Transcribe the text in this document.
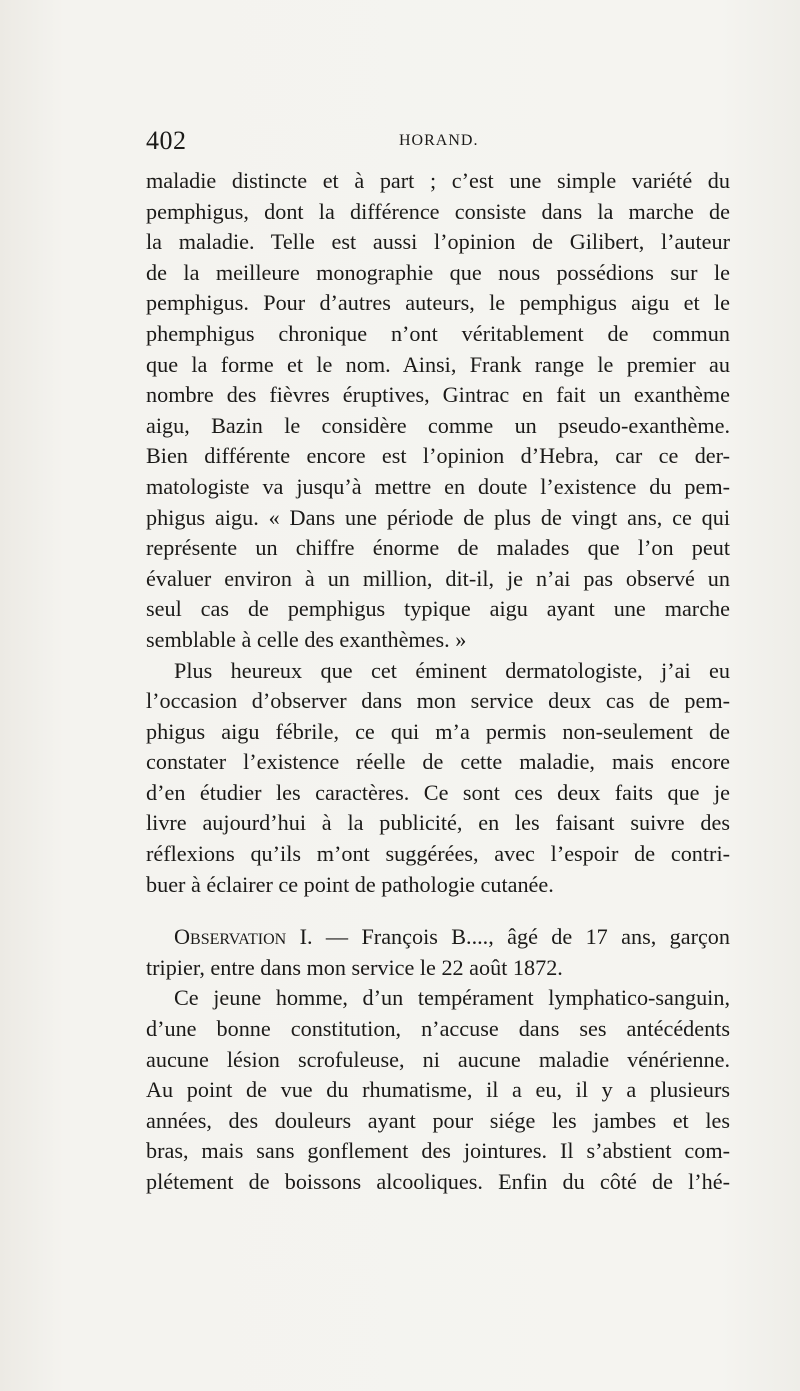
402	HORAND.
maladie distincte et à part ; c’est une simple variété du
pemphigus, dont la différence consiste dans la marche de
la maladie. Telle est aussi l’opinion de Gilibert, l’auteur
de la meilleure monographie que nous possédions sur le
pemphigus. Pour d’autres auteurs, le pemphigus aigu et le
phemphigus chronique n’ont véritablement de commun
que la forme et le nom. Ainsi, Frank range le premier au
nombre des fièvres éruptives, Gintrac en fait un exanthème
aigu, Bazin le considère comme un pseudo-exanthème.
Bien différente encore est l’opinion d’Hebra, car ce der-
matologiste va jusqu’à mettre en doute l’existence du pem-
phigus aigu. « Dans une période de plus de vingt ans, ce qui
représente un chiffre énorme de malades que l’on peut
évaluer environ à un million, dit-il, je n’ai pas observé un
seul cas de pemphigus typique aigu ayant une marche
semblable à celle des exanthèmes. »
Plus heureux que cet éminent dermatologiste, j’ai eu
l’occasion d’observer dans mon service deux cas de pem-
phigus aigu fébrile, ce qui m’a permis non-seulement de
constater l’existence réelle de cette maladie, mais encore
d’en étudier les caractères. Ce sont ces deux faits que je
livre aujourd’hui à la publicité, en les faisant suivre des
réflexions qu’ils m’ont suggérées, avec l’espoir de contri-
buer à éclairer ce point de pathologie cutanée.
Observation I. — François B...., âgé de 17 ans, garçon
tripier, entre dans mon service le 22 août 1872.
Ce jeune homme, d’un tempérament lymphatico-sanguin,
d’une bonne constitution, n’accuse dans ses antécédents
aucune lésion scrofuleuse, ni aucune maladie vénérienne.
Au point de vue du rhumatisme, il a eu, il y a plusieurs
années, des douleurs ayant pour siége les jambes et les
bras, mais sans gonflement des jointures. Il s’abstient com-
plétement de boissons alcooliques. Enfin du côté de l’hé-
